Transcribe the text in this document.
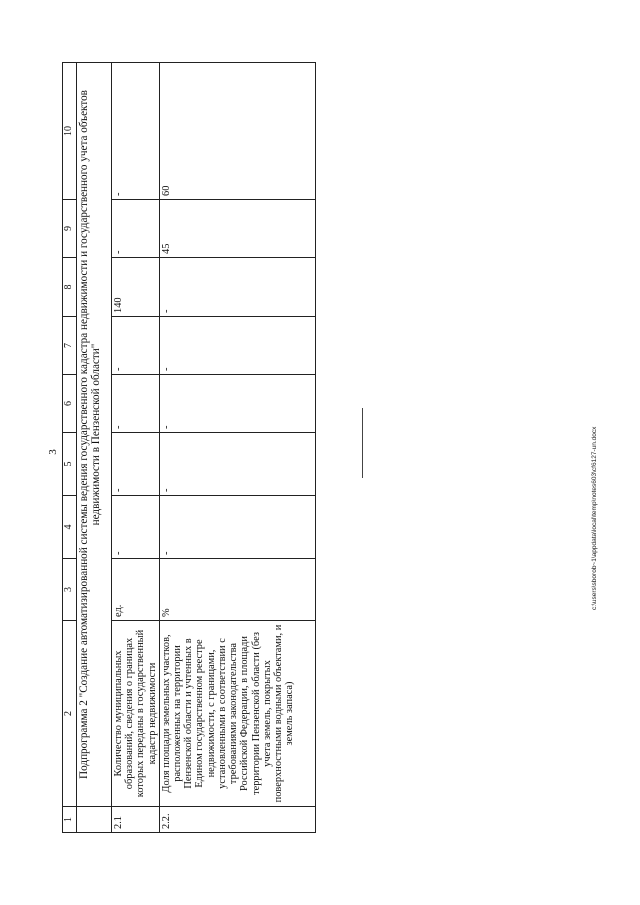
3
1	2	3	4	5	6	7	8	9	10
	Подпрограмма 2 "Создание автоматизированной системы ведения государственного кадастра недвижимости и государственного учета объектов недвижимости в Пензенской области"								
2.1	Количество муниципальных образований, сведения о границах которых переданы в государственный кадастр недвижимости	ед.	-	-	-	-	140	-	-
2.2.	Доля площади земельных участков, расположенных на территории Пензенской области и учтенных в Едином государственном реестре недвижимости, с границами, установленными в соответствии с требованиями законодательства Российской Федерации, в площади территории Пензенской области (без учета земель, покрытых поверхностными водными объектами, и земель запаса)	%	-	-	-	-	-	45	60
c:\users\sborob~1\appdata\local\temp\notes603\cf6127-un.docx
